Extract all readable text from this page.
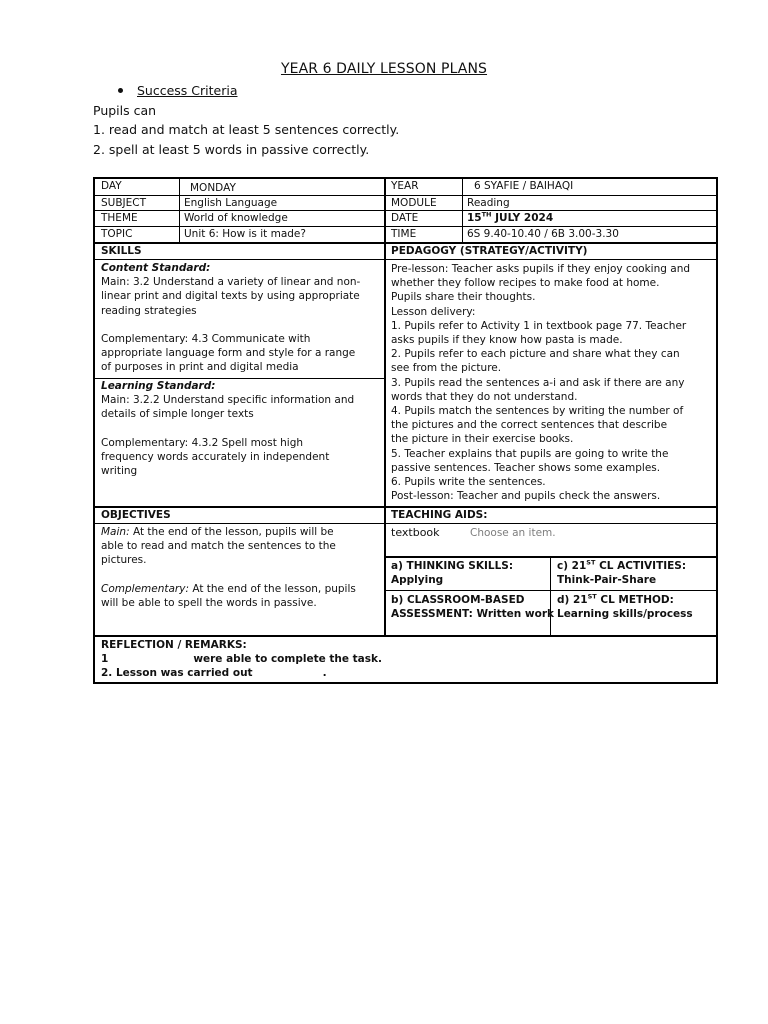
YEAR 6 DAILY LESSON PLANS
Success Criteria
Pupils can
1. read and match at least 5 sentences correctly.
2. spell at least 5 words in passive correctly.
DAY	MONDAY	YEAR	6 SYAFIE / BAIHAQI
SUBJECT	English Language	MODULE	Reading
THEME	World of knowledge	DATE	15TH JULY 2024
TOPIC	Unit 6: How is it made?	TIME	6S 9.40-10.40 / 6B 3.00-3.30
SKILLS	PEDAGOGY (STRATEGY/ACTIVITY)
Content Standard:
Main: 3.2 Understand a variety of linear and non-
linear print and digital texts by using appropriate
reading strategies

Complementary: 4.3 Communicate with
appropriate language form and style for a range
of purposes in print and digital media
Learning Standard:
Main: 3.2.2 Understand specific information and
details of simple longer texts

Complementary: 4.3.2 Spell most high
frequency words accurately in independent
writing
Pre-lesson: Teacher asks pupils if they enjoy cooking and
whether they follow recipes to make food at home.
Pupils share their thoughts.
Lesson delivery:
1. Pupils refer to Activity 1 in textbook page 77. Teacher
asks pupils if they know how pasta is made.
2. Pupils refer to each picture and share what they can
see from the picture.
3. Pupils read the sentences a-i and ask if there are any
words that they do not understand.
4. Pupils match the sentences by writing the number of
the pictures and the correct sentences that describe
the picture in their exercise books.
5. Teacher explains that pupils are going to write the
passive sentences. Teacher shows some examples.
6. Pupils write the sentences.
Post-lesson: Teacher and pupils check the answers.
OBJECTIVES	TEACHING AIDS:
Main: At the end of the lesson, pupils will be
able to read and match the sentences to the
pictures.

Complementary: At the end of the lesson, pupils
will be able to spell the words in passive.
textbook	Choose an item.
a) THINKING SKILLS:
Applying
c) 21ST CL ACTIVITIES:
Think-Pair-Share
b) CLASSROOM-BASED
ASSESSMENT: Written work
d) 21ST CL METHOD:
Learning skills/process
REFLECTION / REMARKS:
1	were able to complete the task.
2. Lesson was carried out	.
